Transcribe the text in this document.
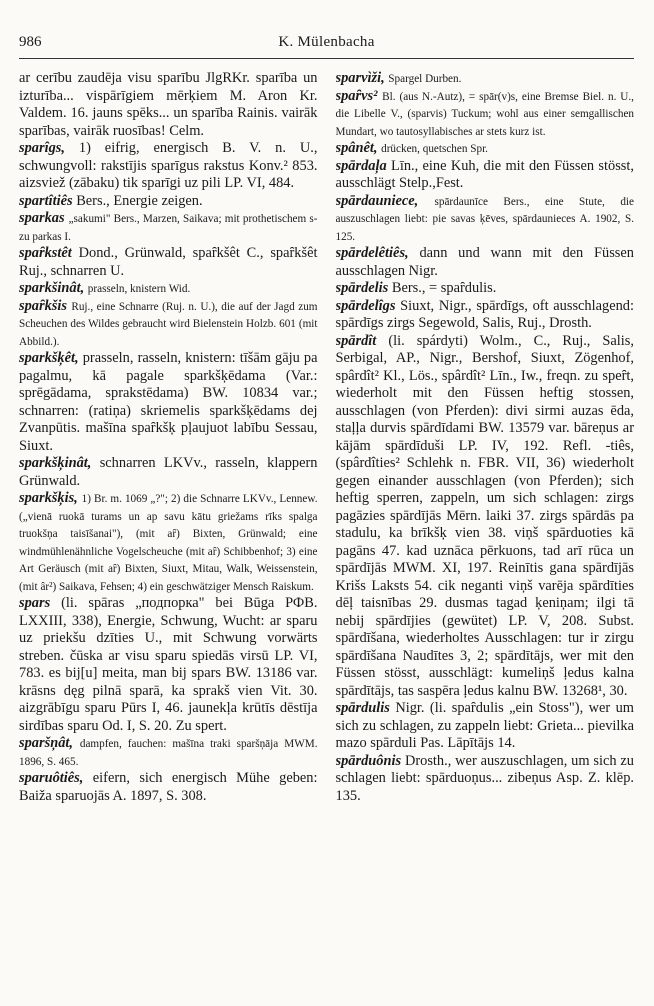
986	K. Mülenbacha

ar cerību zaudēja visu sparību JlgRKr. sparība un izturība... vispārīgiem mērķiem M. Aron Kr. Valdem. 16. jauns spēks... un sparība Rainis. vairāk sparības, vairāk ruosības! Celm.

sparîgs, 1) eifrig, energisch B. V. n. U., schwungvoll: rakstījis sparīgus rakstus Konv.² 853. aizsviež (zābaku) tik sparīgi uz pili LP. VI, 484.

spartîtiês Bers., Energie zeigen.

sparkas „sakumi" Bers., Marzen, Saikava; mit prothetischem s- zu parkas I.

spaȓkstêt Dond., Grünwald, spaȓkšêt C., spaȓkšêt Ruj., schnarren U.

sparkšinât, prasseln, knistern Wid.

spaȓkšis Ruj., eine Schnarre (Ruj. n. U.), die auf der Jagd zum Scheuchen des Wildes gebraucht wird Bielenstein Holzb. 601 (mit Abbild.).

sparkšķêt, prasseln, rasseln, knistern: tīšām gāju pa pagalmu, kā pagale sparkšķēdama (Var.: sprēgādama, sprakstēdama) BW. 10834 var.; schnarren: (ratiņa) skriemelis sparkšķēdams dej Zvanpūtis. mašīna spaȓkšķ pļaujuot labību Sessau, Siuxt.

sparkšķinât, schnarren LKVv., rasseln, klappern Grünwald.

sparkšķis, 1) Br. m. 1069 „?"; 2) die Schnarre LKVv., Lennew. („vienā ruokā turams un ap savu kātu griežams rīks spalga truokšņa taisīšanai"), (mit aȓ) Bixten, Grünwald; eine windmühlenähnliche Vogelscheuche (mit aȓ) Schibbenhof; 3) eine Art Geräusch (mit aȓ) Bixten, Siuxt, Mitau, Walk, Weissenstein, (mit âr²) Saikava, Fehsen; 4) ein geschwätziger Mensch Raiskum.

spars (li. spāras „подпорка" bei Būga РФВ. LXXIII, 338), Energie, Schwung, Wucht: ar sparu uz priekšu dzīties U., mit Schwung vorwärts streben. čūska ar visu sparu spiedās virsū LP. VI, 783. es bij[u] meita, man bij spars BW. 13186 var. krāsns dęg pilnā sparā, ka sprakš vien Vit. 30. aizgrābīgu sparu Pūrs I, 46. jaunekļa krūtīs dēstīja sirdības sparu Od. I, S. 20. Zu spert.

sparšņât, dampfen, fauchen: mašīna traki sparšņāja MWM. 1896, S. 465.

sparuôtiês, eifern, sich energisch Mühe geben: Baiža sparuojās A. 1897, S. 308.

sparvìži, Spargel Durben.

spaȓvs² Bl. (aus N.-Autz), = spār(v)s, eine Bremse Biel. n. U., die Libelle V., (sparvis) Tuckum; wohl aus einer semgallischen Mundart, wo tautosyllabisches ar stets kurz ist.

spânêt, drücken, quetschen Spr.

spārdaļa Līn., eine Kuh, die mit den Füssen stösst, ausschlägt Stelp.,Fest.

spārdauniece, spārdaunīce Bers., eine Stute, die auszuschlagen liebt: pie savas ķēves, spārdaunieces A. 1902, S. 125.

spārdelêtiês, dann und wann mit den Füssen ausschlagen Nigr.

spārdelis Bers., = spaȓdulis.

spārdelîgs Siuxt, Nigr., spārdīgs, oft ausschlagend: spārdīgs zirgs Segewold, Salis, Ruj., Drosth.

spārdît (li. spárdyti) Wolm., C., Ruj., Salis, Serbigal, AP., Nigr., Bershof, Siuxt, Zögenhof, spârdît² Kl., Lös., spârdît² Līn., Iw., freqn. zu speȓt, wiederholt mit den Füssen heftig stossen, ausschlagen (von Pferden): divi sirmi auzas ēda, staļļa durvis spārdīdami BW. 13579 var. bāreņus ar kājām spārdīduši LP. IV, 192. Refl. -tiês, (spârdîties² Schlehk n. FBR. VII, 36) wiederholt gegen einander ausschlagen (von Pferden); sich heftig sperren, zappeln, um sich schlagen: zirgs pagāzies spārdījās Mērn. laiki 37. zirgs spārdās pa stadulu, ka brīkšķ vien 38. viņš spārduoties kā pagāns 47. kad uznāca pērkuons, tad arī rūca un spārdījās MWM. XI, 197. Reinītis gana spārdījās Krišs Laksts 54. cik neganti viņš varēja spārdīties dēļ taisnības 29. dusmas tagad ķeniņam; ilgi tā nebij spārdījies (gewütet) LP. V, 208. Subst. spārdīšana, wiederholtes Ausschlagen: tur ir zirgu spārdīšana Naudītes 3, 2; spārdītājs, wer mit den Füssen stösst, ausschlägt: kumeliņš ļedus kalna spārdītājs, tas saspēra ļedus kalnu BW. 13268¹, 30.

spārdulis Nigr. (li. spaȓdulis „ein Stoss"), wer um sich zu schlagen, zu zappeln liebt: Grieta... pievilka mazo spārduli Pas. Lāpītājs 14.

spārduônis Drosth., wer auszuschlagen, um sich zu schlagen liebt: spārduoņus... zibeņus Asp. Z. klēp. 135.
